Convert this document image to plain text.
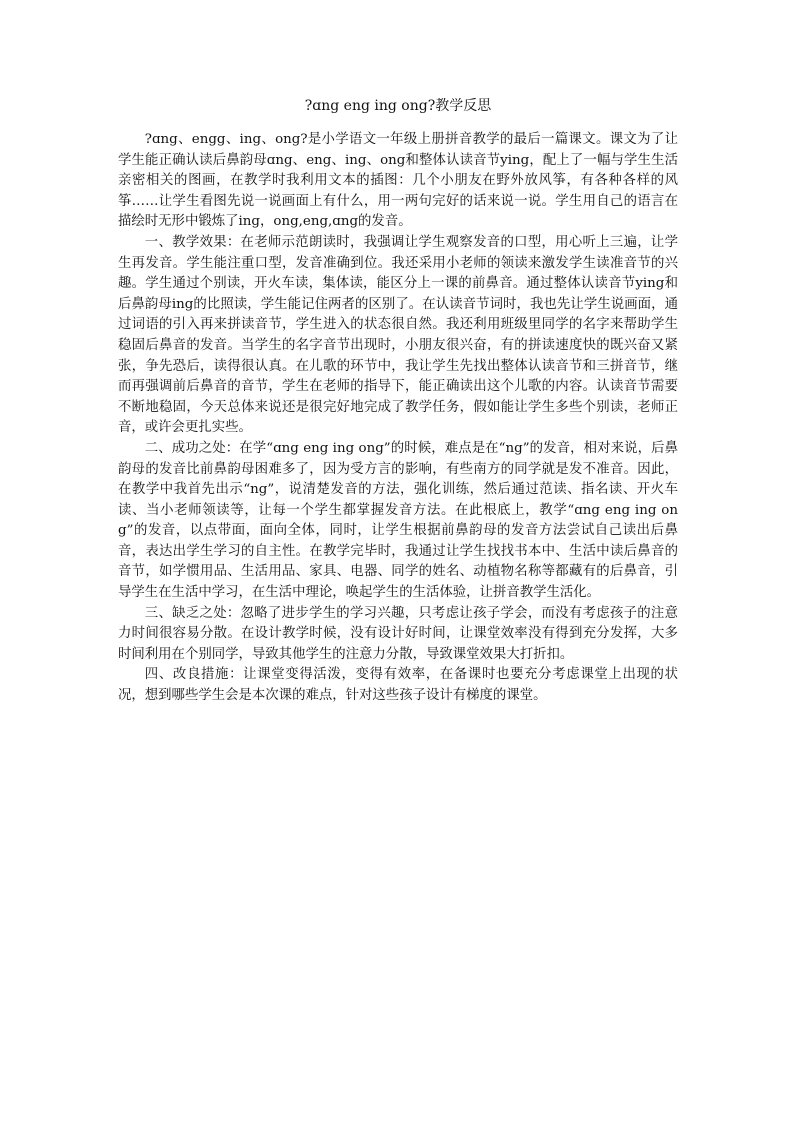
?ɑng eng ing ong?教学反思

?ɑng、engg、ing、ong?是小学语文一年级上册拼音教学的最后一篇课文。课文为了让学生能正确认读后鼻韵母ɑng、eng、ing、ong和整体认读音节ying，配上了一幅与学生生活亲密相关的图画，在教学时我利用文本的插图：几个小朋友在野外放风筝，有各种各样的风筝……让学生看图先说一说画面上有什么，用一两句完好的话来说一说。学生用自己的语言在描绘时无形中锻炼了ing，ong,eng,ɑng的发音。

一、教学效果：在老师示范朗读时，我强调让学生观察发音的口型，用心听上三遍，让学生再发音。学生能注重口型，发音准确到位。我还采用小老师的领读来激发学生读准音节的兴趣。学生通过个别读，开火车读，集体读，能区分上一课的前鼻音。通过整体认读音节ying和后鼻韵母ing的比照读，学生能记住两者的区别了。在认读音节词时，我也先让学生说画面，通过词语的引入再来拼读音节，学生进入的状态很自然。我还利用班级里同学的名字来帮助学生稳固后鼻音的发音。当学生的名字音节出现时，小朋友很兴奋，有的拼读速度快的既兴奋又紧张，争先恐后，读得很认真。在儿歌的环节中，我让学生先找出整体认读音节和三拼音节，继而再强调前后鼻音的音节，学生在老师的指导下，能正确读出这个儿歌的内容。认读音节需要不断地稳固，今天总体来说还是很完好地完成了教学任务，假如能让学生多些个别读，老师正音，或许会更扎实些。

二、成功之处：在学“ɑng eng ing ong”的时候，难点是在“ng”的发音，相对来说，后鼻韵母的发音比前鼻韵母困难多了，因为受方言的影响，有些南方的同学就是发不准音。因此，在教学中我首先出示“ng”，说清楚发音的方法，强化训练，然后通过范读、指名读、开火车读、当小老师领读等，让每一个学生都掌握发音方法。在此根底上，教学“ɑng eng ing ong”的发音，以点带面，面向全体，同时，让学生根据前鼻韵母的发音方法尝试自己读出后鼻音，表达出学生学习的自主性。在教学完毕时，我通过让学生找找书本中、生活中读后鼻音的音节，如学惯用品、生活用品、家具、电器、同学的姓名、动植物名称等都藏有的后鼻音，引导学生在生活中学习，在生活中理论，唤起学生的生活体验，让拼音教学生活化。

三、缺乏之处：忽略了进步学生的学习兴趣，只考虑让孩子学会，而没有考虑孩子的注意力时间很容易分散。在设计教学时候，没有设计好时间，让课堂效率没有得到充分发挥，大多时间利用在个别同学，导致其他学生的注意力分散，导致课堂效果大打折扣。

四、改良措施：让课堂变得活泼，变得有效率，在备课时也要充分考虑课堂上出现的状况，想到哪些学生会是本次课的难点，针对这些孩子设计有梯度的课堂。
